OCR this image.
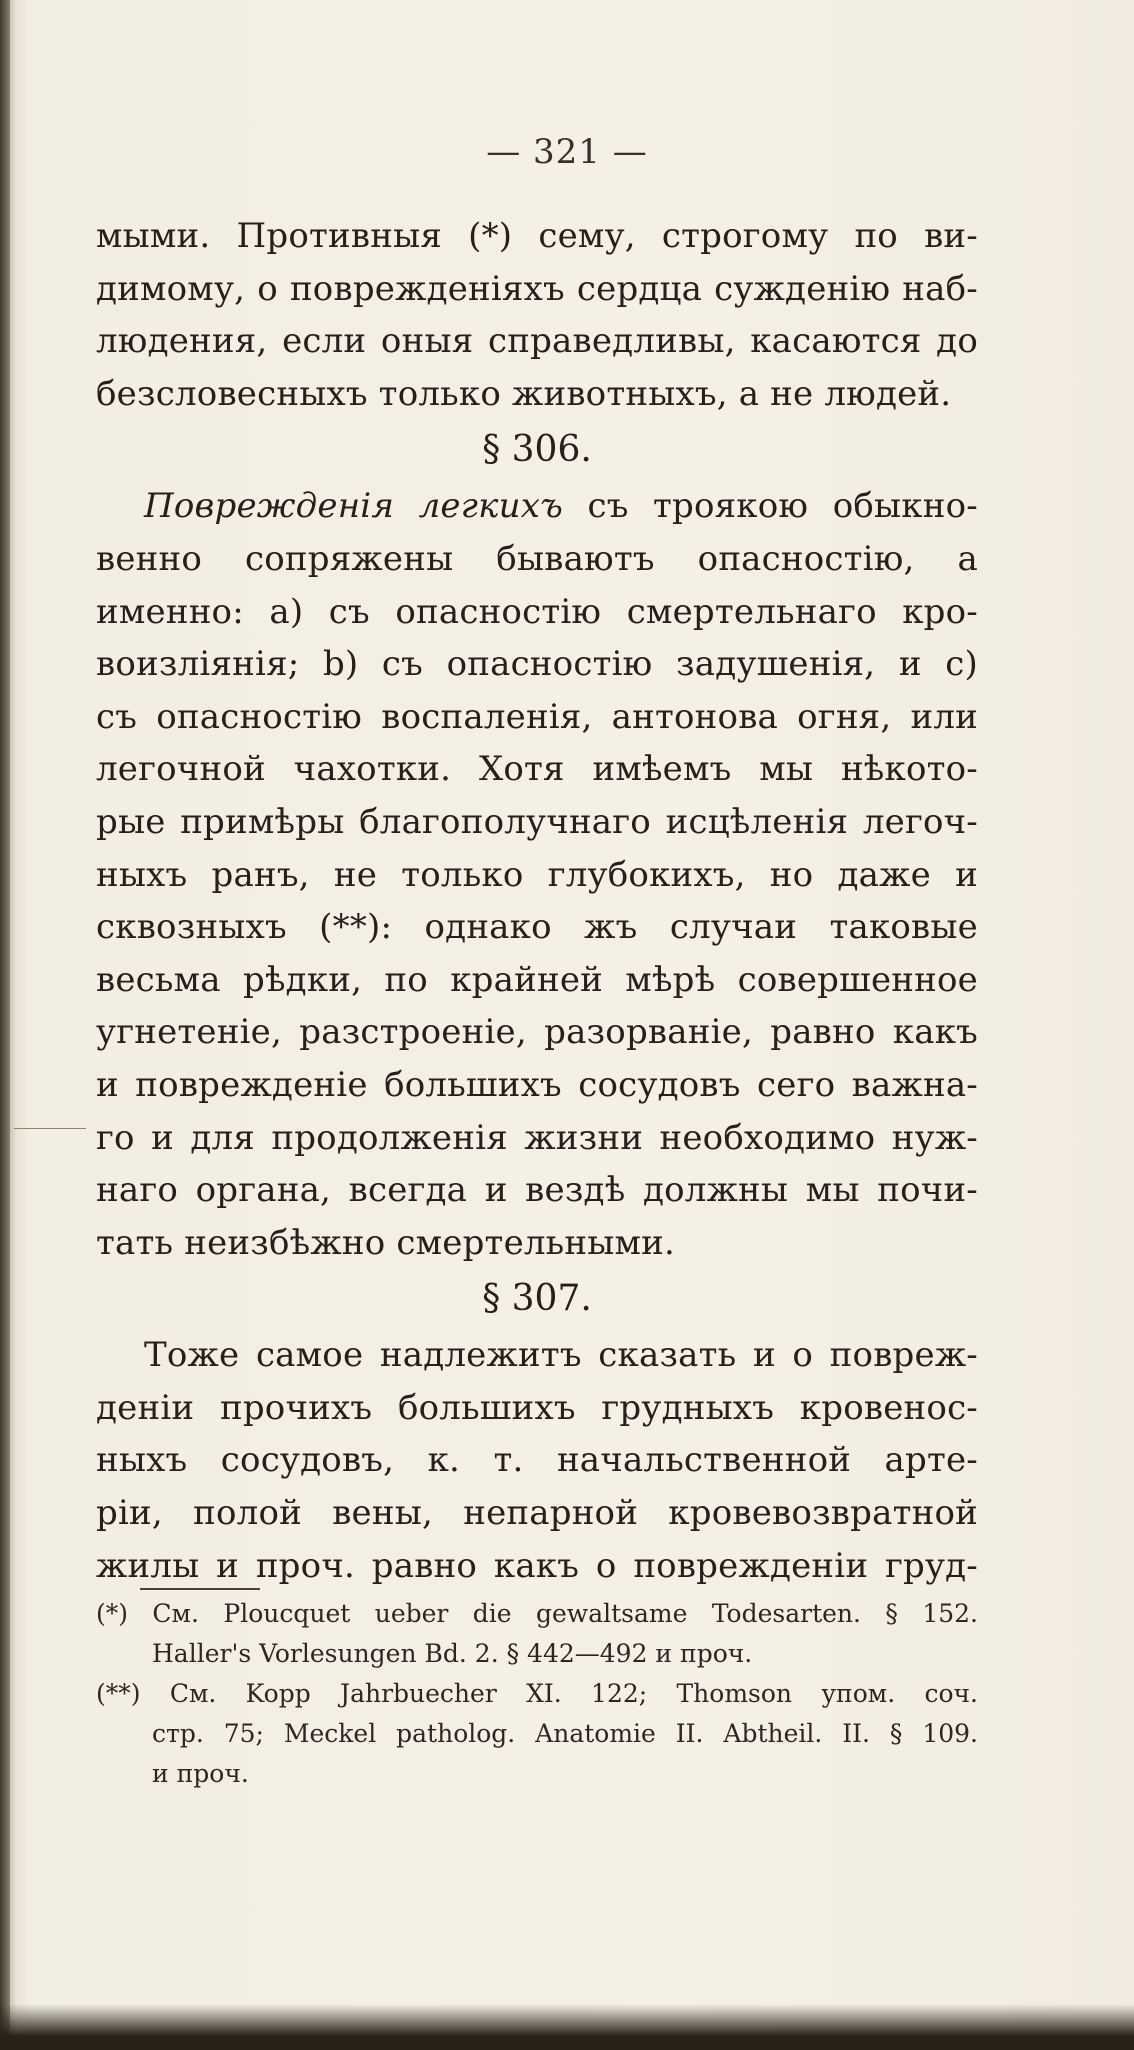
— 321 —
мыми. Противныя (*) сему, строгому по ви-
димому, о поврежденіяхъ сердца сужденію наб-
людения, если оныя справедливы, касаются до
безсловесныхъ только животныхъ, а не людей.
§ 306.
Поврежденія легкихъ съ троякою обыкно-
венно сопряжены бываютъ опасностію, а
именно: a) съ опасностію смертельнаго кро-
воизліянія; b) съ опасностію задушенія, и c)
съ опасностію воспаленія, антонова огня, или
легочной чахотки. Хотя имѣемъ мы нѣкото-
рые примѣры благополучнаго исцѣленія легоч-
ныхъ ранъ, не только глубокихъ, но даже и
сквозныхъ (**): однако жъ случаи таковые
весьма рѣдки, по крайней мѣрѣ совершенное
угнетеніе, разстроеніе, разорваніе, равно какъ
и поврежденіе большихъ сосудовъ сего важна-
го и для продолженія жизни необходимо нуж-
наго органа, всегда и вездѣ должны мы почи-
тать неизбѣжно смертельными.
§ 307.
Тоже самое надлежитъ сказать и о повреж-
деніи прочихъ большихъ грудныхъ кровенос-
ныхъ сосудовъ, к. т. начальственной арте-
ріи, полой вены, непарной кровевозвратной
жилы и проч. равно какъ о поврежденіи груд-
(*) См. Ploucquet ueber die gewaltsame Todesarten. § 152.
Haller's Vorlesungen Bd. 2. § 442—492 и проч.
(**) См. Kopp Jahrbuecher XI. 122; Thomson упом. соч.
стр. 75; Meckel patholog. Anatomie II. Abtheil. II. § 109.
и проч.
